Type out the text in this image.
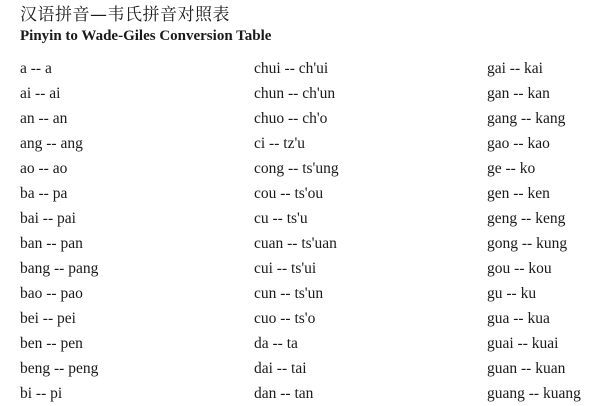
汉语拼音—韦氏拼音对照表
Pinyin to Wade-Giles Conversion Table
a -- a
ai -- ai
an -- an
ang -- ang
ao -- ao
ba -- pa
bai -- pai
ban -- pan
bang -- pang
bao -- pao
bei -- pei
ben -- pen
beng -- peng
bi -- pi
chui -- ch'ui
chun -- ch'un
chuo -- ch'o
ci -- tz'u
cong -- ts'ung
cou -- ts'ou
cu -- ts'u
cuan -- ts'uan
cui -- ts'ui
cun -- ts'un
cuo -- ts'o
da -- ta
dai -- tai
dan -- tan
gai -- kai
gan -- kan
gang -- kang
gao -- kao
ge -- ko
gen -- ken
geng -- keng
gong -- kung
gou -- kou
gu -- ku
gua -- kua
guai -- kuai
guan -- kuan
guang -- kuang
